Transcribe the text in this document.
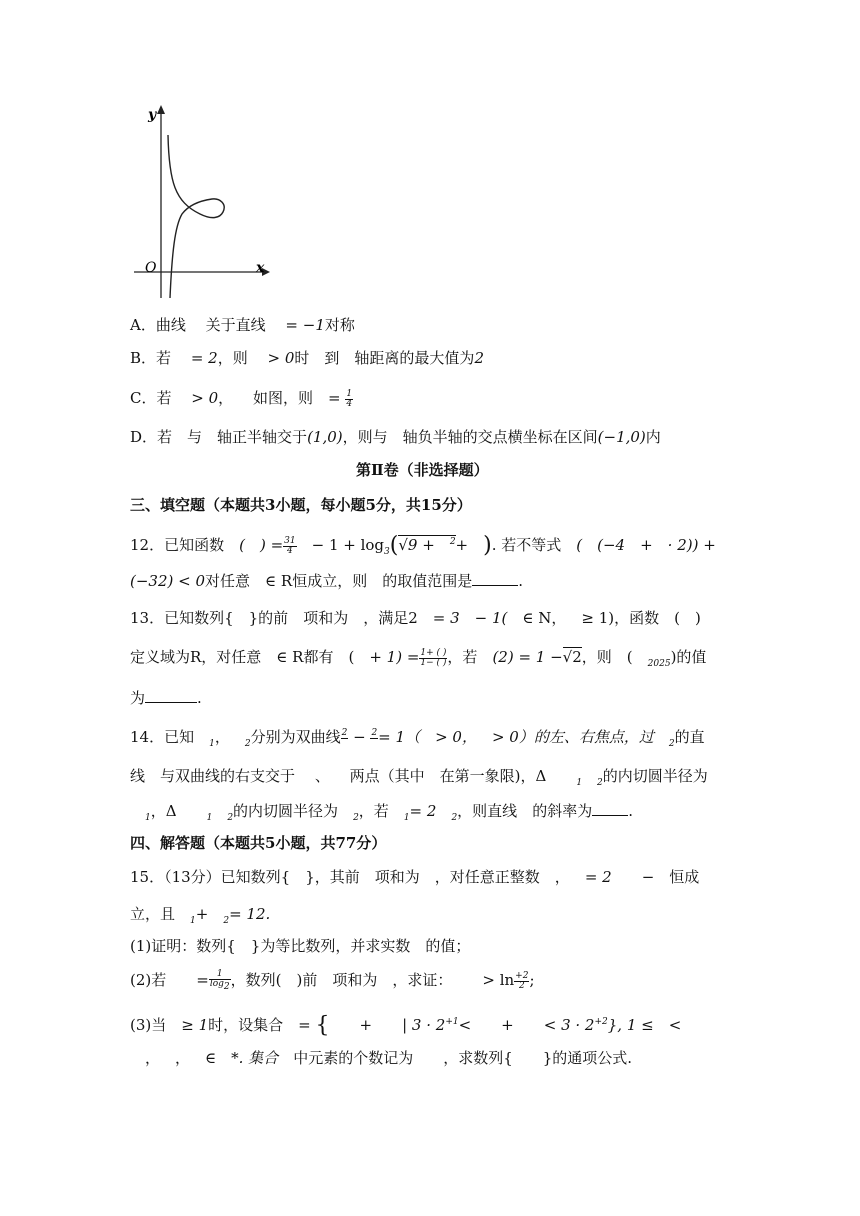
y
x
O
A．曲线  关于直线  = −1对称
B．若  = 2，则  > 0时  到  轴距离的最大值为2
C．若  > 0，  如图，则  = $\frac{1}{4}$
D．若  与  轴正半轴交于(1,0)，则与  轴负半轴的交点横坐标在区间(−1,0)内
第Ⅱ卷（非选择题）
三、填空题（本题共3小题，每小题5分，共15分）
12．已知函数  (  ) = $\frac{31}{4}$
  − $1 + \log_3(√9$ +  $^2$+  ). 若不等式  (  (−4  +  · 2)) +
(−32) < 0对任意  ∈ R恒成立，则  的取值范围是	.
13．已知数列{  }的前  项和为  ，满足2  = 3  − 1(  ∈ N，  ≥ 1)，函数  (  )
定义域为R，对任意  ∈ R都有  (  + $1) = \frac{1+ ( )}{1- ( )}$ ，若  (2) = 1 −√2，则  (  $_{2025}$)的值
为	.
14．已知  $_1$，  $_2$分别为双曲线 2
− 2
= 1（  > 0，  > 0）的左、右焦点，过  $_2$的直
线  与双曲线的右支交于  、  两点（其中  在第一象限)，Δ  	$_1$  $_2$的内切圆半径为
 $_1$，Δ  	$_1$  $_2$的内切圆半径为  $_2$，若  $_1$= 2  $_2$，则直线  的斜率为 .
四、解答题（本题共5小题，共77分）
15．（13分）已知数列{  }，其前  项和为  ，对任意正整数  ，  = 2   −  恒成
立，且  $_1$+  $_2$= 12.
(1)证明：数列{  }为等比数列，并求实数  的值；
(2)若   = $\frac{1}{\log 2}$ ，数列(  )前  项和为  ，求证：   > $\ln \frac{+2}{2}$ ;
(3)当  ≥ 1时，设集合  = {   +   | $3 \cdot 2^{+1}<$   +   < $3 \cdot 2^{+2}$}, 1 ≤  <
 ，  ，  ∈  *. 集合  中元素的个数记为   ，求数列{   }的通项公式.
